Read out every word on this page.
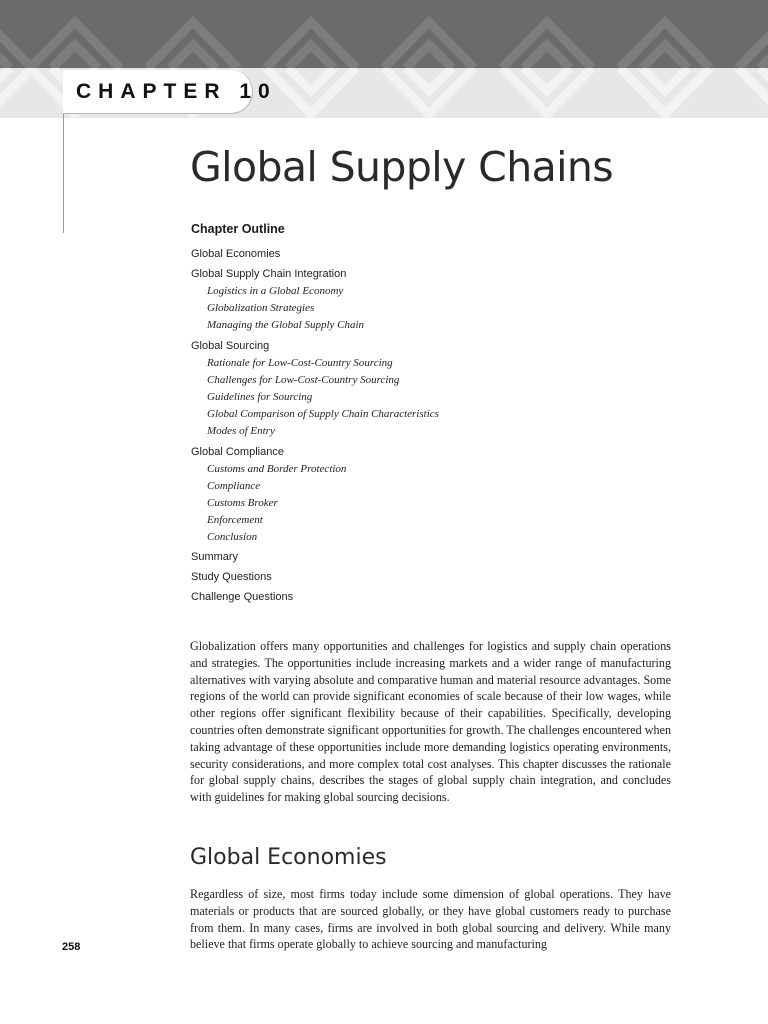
CHAPTER 10
Global Supply Chains
Chapter Outline
Global Economies
Global Supply Chain Integration
Logistics in a Global Economy
Globalization Strategies
Managing the Global Supply Chain
Global Sourcing
Rationale for Low-Cost-Country Sourcing
Challenges for Low-Cost-Country Sourcing
Guidelines for Sourcing
Global Comparison of Supply Chain Characteristics
Modes of Entry
Global Compliance
Customs and Border Protection
Compliance
Customs Broker
Enforcement
Conclusion
Summary
Study Questions
Challenge Questions

Globalization offers many opportunities and challenges for logistics and supply chain operations and strategies. The opportunities include increasing markets and a wider range of manufacturing alternatives with varying absolute and comparative human and material resource advantages. Some regions of the world can provide significant economies of scale because of their low wages, while other regions offer significant flexibility because of their capabilities. Specifically, developing countries often demonstrate significant opportunities for growth. The challenges encountered when taking advantage of these opportunities include more demanding logistics operating environments, security considerations, and more complex total cost analyses. This chapter discusses the rationale for global supply chains, describes the stages of global supply chain integration, and concludes with guidelines for making global sourcing decisions.

Global Economies

Regardless of size, most firms today include some dimension of global operations. They have materials or products that are sourced globally, or they have global customers ready to purchase from them. In many cases, firms are involved in both global sourcing and delivery. While many believe that firms operate globally to achieve sourcing and manufacturing

258
